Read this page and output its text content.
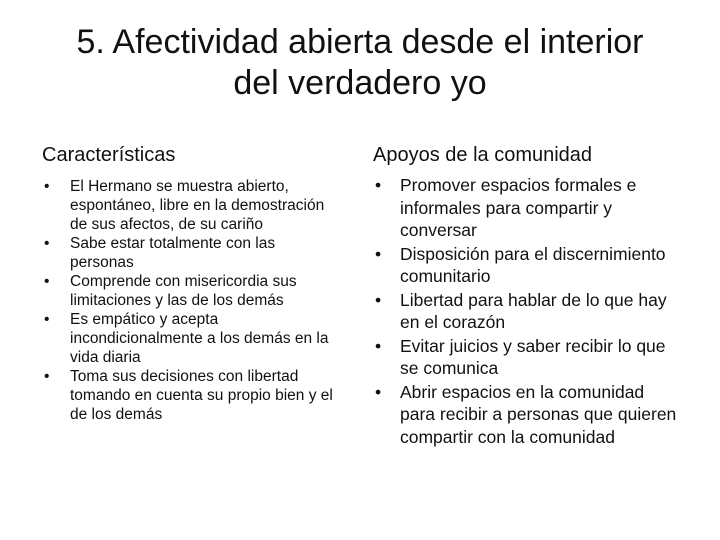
5. Afectividad abierta desde el interior
del verdadero yo
Características	Apoyos de la comunidad
• El Hermano se muestra abierto, espontáneo, libre en la demostración de sus afectos, de su cariño
• Sabe estar totalmente con las personas
• Comprende con misericordia sus limitaciones y las de los demás
• Es empático y acepta incondicionalmente a los demás en la vida diaria
• Toma sus decisiones con libertad tomando en cuenta su propio bien y el de los demás
• Promover espacios formales e informales para compartir y conversar
• Disposición para el discernimiento comunitario
• Libertad para hablar de lo que hay en el corazón
• Evitar juicios y saber recibir lo que se comunica
• Abrir espacios en la comunidad para recibir a personas que quieren compartir con la comunidad
